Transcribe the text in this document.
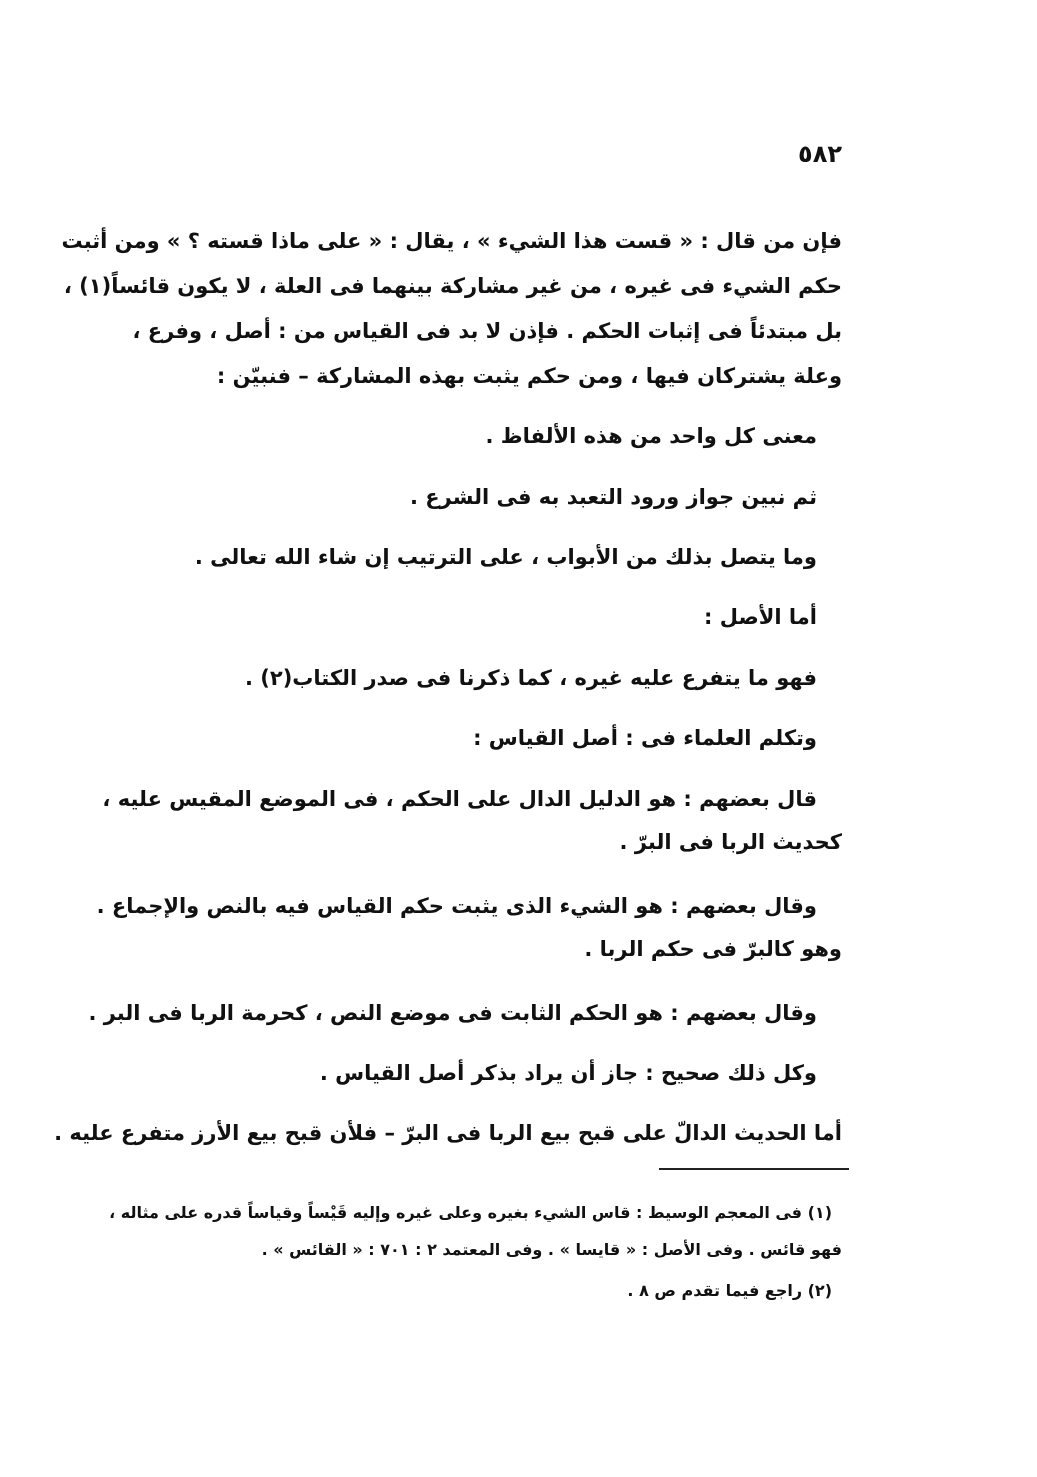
٥٨٢
فإن من قال : « قست هذا الشيء » ، يقال : « على ماذا قسته ؟ » ومن أثبت
حكم الشيء فى غيره ، من غير مشاركة بينهما فى العلة ، لا يكون قائساً(١) ،
بل مبتدئاً فى إثبات الحكم . فإذن لا بد فى القياس من : أصل ، وفرع ،
وعلة يشتركان فيها ، ومن حكم يثبت بهذه المشاركة – فنبيّن :
معنى كل واحد من هذه الألفاظ .
ثم نبين جواز ورود التعبد به فى الشرع .
وما يتصل بذلك من الأبواب ، على الترتيب إن شاء الله تعالى .
أما الأصل :
فهو ما يتفرع عليه غيره ، كما ذكرنا فى صدر الكتاب(٢) .
وتكلم العلماء فى : أصل القياس :
قال بعضهم : هو الدليل الدال على الحكم ، فى الموضع المقيس عليه ،
كحديث الربا فى البرّ .
وقال بعضهم : هو الشيء الذى يثبت حكم القياس فيه بالنص والإجماع .
وهو كالبرّ فى حكم الربا .
وقال بعضهم : هو الحكم الثابت فى موضع النص ، كحرمة الربا فى البر .
وكل ذلك صحيح : جاز أن يراد بذكر أصل القياس .
أما الحديث الدالّ على قبح بيع الربا فى البرّ – فلأن قبح بيع الأرز متفرع عليه .
(١) فى المعجم الوسيط : قاس الشيء بغيره وعلى غيره وإليه قَيْساً وقياساً قدره على مثاله ،
فهو قائس . وفى الأصل : « قايسا » . وفى المعتمد ٢ : ٧٠١ : « القائس » .
(٢) راجع فيما تقدم ص ٨ .
